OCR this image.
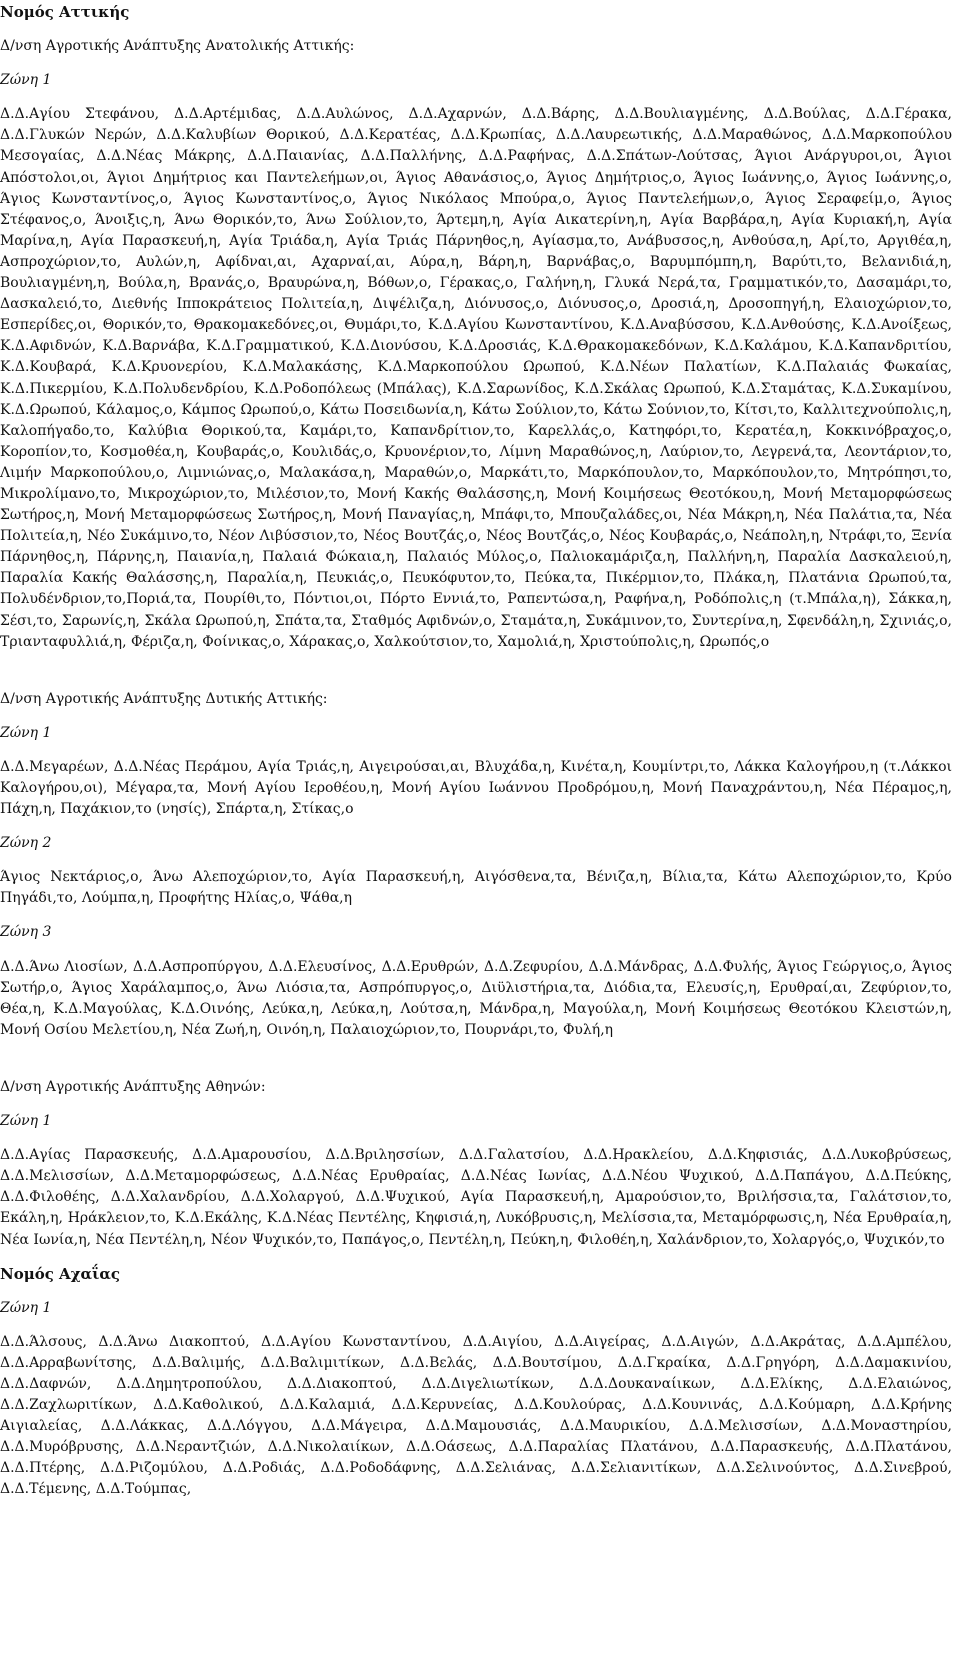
Νομός Αττικής

Δ/νση Αγροτικής Ανάπτυξης Ανατολικής Αττικής:

Ζώνη 1

Δ.Δ.Αγίου Στεφάνου, Δ.Δ.Αρτέμιδας, Δ.Δ.Αυλώνος, Δ.Δ.Αχαρνών, Δ.Δ.Βάρης, Δ.Δ.Βουλιαγμένης, Δ.Δ.Βούλας, Δ.Δ.Γέρακα, Δ.Δ.Γλυκών Νερών, Δ.Δ.Καλυβίων Θορικού, Δ.Δ.Κερατέας, Δ.Δ.Κρωπίας, Δ.Δ.Λαυρεωτικής, Δ.Δ.Μαραθώνος, Δ.Δ.Μαρκοπούλου Μεσογαίας, Δ.Δ.Νέας Μάκρης, Δ.Δ.Παιανίας, Δ.Δ.Παλλήνης, Δ.Δ.Ραφήνας, Δ.Δ.Σπάτων-Λούτσας, Άγιοι Ανάργυροι,οι, Άγιοι Απόστολοι,οι, Άγιοι Δημήτριος και Παντελεήμων,οι, Άγιος Αθανάσιος,ο, Άγιος Δημήτριος,ο, Άγιος Ιωάννης,ο, Άγιος Ιωάννης,ο, Άγιος Κωνσταντίνος,ο, Άγιος Κωνσταντίνος,ο, Άγιος Νικόλαος Μπούρα,ο, Άγιος Παντελεήμων,ο, Άγιος Σεραφείμ,ο, Άγιος Στέφανος,ο, Άνοιξις,η, Άνω Θορικόν,το, Άνω Σούλιον,το, Άρτεμη,η, Αγία Αικατερίνη,η, Αγία Βαρβάρα,η, Αγία Κυριακή,η, Αγία Μαρίνα,η, Αγία Παρασκευή,η, Αγία Τριάδα,η, Αγία Τριάς Πάρνηθος,η, Αγίασμα,το, Ανάβυσσος,η, Ανθούσα,η, Αρί,το, Αργιθέα,η, Ασπροχώριον,το, Αυλών,η, Αφίδναι,αι, Αχαρναί,αι, Αύρα,η, Βάρη,η, Βαρνάβας,ο, Βαρυμπόμπη,η, Βαρύτι,το, Βελανιδιά,η, Βουλιαγμένη,η, Βούλα,η, Βρανάς,ο, Βραυρώνα,η, Βόθων,ο, Γέρακας,ο, Γαλήνη,η, Γλυκά Νερά,τα, Γραμματικόν,το, Δασαμάρι,το, Δασκαλειό,το, Διεθνής Ιπποκράτειος Πολιτεία,η, Διψέλιζα,η, Διόνυσος,ο, Διόνυσος,ο, Δροσιά,η, Δροσοπηγή,η, Ελαιοχώριον,το, Εσπερίδες,οι, Θορικόν,το, Θρακομακεδόνες,οι, Θυμάρι,το, Κ.Δ.Αγίου Κωνσταντίνου, Κ.Δ.Αναβύσσου, Κ.Δ.Ανθούσης, Κ.Δ.Ανοίξεως, Κ.Δ.Αφιδνών, Κ.Δ.Βαρνάβα, Κ.Δ.Γραμματικού, Κ.Δ.Διονύσου, Κ.Δ.Δροσιάς, Κ.Δ.Θρακομακεδόνων, Κ.Δ.Καλάμου, Κ.Δ.Καπανδριτίου, Κ.Δ.Κουβαρά, Κ.Δ.Κρυονερίου, Κ.Δ.Μαλακάσης, Κ.Δ.Μαρκοπούλου Ωρωπού, Κ.Δ.Νέων Παλατίων, Κ.Δ.Παλαιάς Φωκαίας, Κ.Δ.Πικερμίου, Κ.Δ.Πολυδενδρίου, Κ.Δ.Ροδοπόλεως (Μπάλας), Κ.Δ.Σαρωνίδος, Κ.Δ.Σκάλας Ωρωπού, Κ.Δ.Σταμάτας, Κ.Δ.Συκαμίνου, Κ.Δ.Ωρωπού, Κάλαμος,ο, Κάμπος Ωρωπού,ο, Κάτω Ποσειδωνία,η, Κάτω Σούλιον,το, Κάτω Σούνιον,το, Κίτσι,το, Καλλιτεχνούπολις,η, Καλοπήγαδο,το, Καλύβια Θορικού,τα, Καμάρι,το, Καπανδρίτιον,το, Καρελλάς,ο, Κατηφόρι,το, Κερατέα,η, Κοκκινόβραχος,ο, Κορoπίον,το, Κοσμοθέα,η, Κουβαράς,ο, Κουλιδάς,ο, Κρυονέριον,το, Λίμνη Μαραθώνος,η, Λαύριον,το, Λεγρενά,τα, Λεοντάριον,το, Λιμήν Μαρκοπούλου,ο, Λιμνιώνας,ο, Μαλακάσα,η, Μαραθών,ο, Μαρκάτι,το, Μαρκόπουλον,το, Μαρκόπουλον,το, Μητρόπησι,το, Μικρολίμανο,το, Μικροχώριον,το, Μιλέσιον,το, Μονή Κακής Θαλάσσης,η, Μονή Κοιμήσεως Θεοτόκου,η, Μονή Μεταμορφώσεως Σωτήρος,η, Μονή Μεταμορφώσεως Σωτήρος,η, Μονή Παναγίας,η, Μπάφι,το, Μπουζαλάδες,οι, Νέα Μάκρη,η, Νέα Παλάτια,τα, Νέα Πολιτεία,η, Νέο Συκάμινο,το, Νέον Λιβύσσιον,το, Νέος Βουτζάς,ο, Νέος Βουτζάς,ο, Νέος Κουβαράς,ο, Νεάπολη,η, Ντράφι,το, Ξενία Πάρνηθος,η, Πάρνης,η, Παιανία,η, Παλαιά Φώκαια,η, Παλαιός Μύλος,ο, Παλιοκαμάριζα,η, Παλλήνη,η, Παραλία Δασκαλειού,η, Παραλία Κακής Θαλάσσης,η, Παραλία,η, Πευκιάς,ο, Πευκόφυτον,το, Πεύκα,τα, Πικέρμιον,το, Πλάκα,η, Πλατάνια Ωρωπού,τα, Πολυδένδριον,το,Ποριά,τα, Πουρίθι,το, Πόντιοι,οι, Πόρτο Εννιά,το, Ραπεντώσα,η, Ραφήνα,η, Ροδόπολις,η (τ.Μπάλα,η), Σάκκα,η, Σέσι,το, Σαρωνίς,η, Σκάλα Ωρωπού,η, Σπάτα,τα, Σταθμός Αφιδνών,ο, Σταμάτα,η, Συκάμινον,το, Συντερίνα,η, Σφενδάλη,η, Σχινιάς,ο, Τριανταφυλλιά,η, Φέριζα,η, Φοίνικας,ο, Χάρακας,ο, Χαλκούτσιον,το, Χαμολιά,η, Χριστούπολις,η, Ωρωπός,ο

Δ/νση Αγροτικής Ανάπτυξης Δυτικής Αττικής:

Ζώνη 1

Δ.Δ.Μεγαρέων, Δ.Δ.Νέας Περάμου, Αγία Τριάς,η, Αιγειρούσαι,αι, Βλυχάδα,η, Κινέτα,η, Κουμίντρι,το, Λάκκα Καλογήρου,η (τ.Λάκκοι Καλογήρου,οι), Μέγαρα,τα, Μονή Αγίου Ιεροθέου,η, Μονή Αγίου Ιωάννου Προδρόμου,η, Μονή Παναχράντου,η, Νέα Πέραμος,η, Πάχη,η, Παχάκιον,το (νησίς), Σπάρτα,η, Στίκας,ο

Ζώνη 2

Άγιος Νεκτάριος,ο, Άνω Αλεποχώριον,το, Αγία Παρασκευή,η, Αιγόσθενα,τα, Βένιζα,η, Βίλια,τα, Κάτω Αλεποχώριον,το, Κρύο Πηγάδι,το, Λούμπα,η, Προφήτης Ηλίας,ο, Ψάθα,η

Ζώνη 3

Δ.Δ.Άνω Λιοσίων, Δ.Δ.Ασπροπύργου, Δ.Δ.Ελευσίνος, Δ.Δ.Ερυθρών, Δ.Δ.Ζεφυρίου, Δ.Δ.Μάνδρας, Δ.Δ.Φυλής, Άγιος Γεώργιος,ο, Άγιος Σωτήρ,ο, Άγιος Χαράλαμπος,ο, Άνω Λιόσια,τα, Ασπρόπυργος,ο, Διϋλιστήρια,τα, Διόδια,τα, Ελευσίς,η, Ερυθραί,αι, Ζεφύριον,το, Θέα,η, Κ.Δ.Μαγούλας, Κ.Δ.Οινόης, Λεύκα,η, Λεύκα,η, Λούτσα,η, Μάνδρα,η, Μαγούλα,η, Μονή Κοιμήσεως Θεοτόκου Κλειστών,η, Μονή Οσίου Μελετίου,η, Νέα Ζωή,η, Οινόη,η, Παλαιοχώριον,το, Πουρνάρι,το, Φυλή,η

Δ/νση Αγροτικής Ανάπτυξης Αθηνών:

Ζώνη 1

Δ.Δ.Αγίας Παρασκευής, Δ.Δ.Αμαρουσίου, Δ.Δ.Βριλησσίων, Δ.Δ.Γαλατσίου, Δ.Δ.Ηρακλείου, Δ.Δ.Κηφισιάς, Δ.Δ.Λυκοβρύσεως, Δ.Δ.Μελισσίων, Δ.Δ.Μεταμορφώσεως, Δ.Δ.Νέας Ερυθραίας, Δ.Δ.Νέας Ιωνίας, Δ.Δ.Νέου Ψυχικού, Δ.Δ.Παπάγου, Δ.Δ.Πεύκης, Δ.Δ.Φιλοθέης, Δ.Δ.Χαλανδρίου, Δ.Δ.Χολαργού, Δ.Δ.Ψυχικού, Αγία Παρασκευή,η, Αμαρούσιον,το, Βριλήσσια,τα, Γαλάτσιον,το, Εκάλη,η, Ηράκλειον,το, Κ.Δ.Εκάλης, Κ.Δ.Νέας Πεντέλης, Κηφισιά,η, Λυκόβρυσις,η, Μελίσσια,τα, Μεταμόρφωσις,η, Νέα Ερυθραία,η, Νέα Ιωνία,η, Νέα Πεντέλη,η, Νέον Ψυχικόν,το, Παπάγος,ο, Πεντέλη,η, Πεύκη,η, Φιλοθέη,η, Χαλάνδριον,το, Χολαργός,ο, Ψυχικόν,το

Νομός Αχαΐας

Ζώνη 1

Δ.Δ.Άλσους, Δ.Δ.Άνω Διακοπτού, Δ.Δ.Αγίου Κωνσταντίνου, Δ.Δ.Αιγίου, Δ.Δ.Αιγείρας, Δ.Δ.Αιγών, Δ.Δ.Ακράτας, Δ.Δ.Αμπέλου, Δ.Δ.Αρραβωνίτσης, Δ.Δ.Βαλιμής, Δ.Δ.Βαλιμιτίκων, Δ.Δ.Βελάς, Δ.Δ.Βουτσίμου, Δ.Δ.Γκραίκα, Δ.Δ.Γρηγόρη, Δ.Δ.Δαμακινίου, Δ.Δ.Δαφνών, Δ.Δ.Δημητροπούλου, Δ.Δ.Διακοπτού, Δ.Δ.Διγελιωτίκων, Δ.Δ.Δουκαναίικων, Δ.Δ.Ελίκης, Δ.Δ.Ελαιώνος, Δ.Δ.Ζαχλωριτίκων, Δ.Δ.Καθολικού, Δ.Δ.Καλαμιά, Δ.Δ.Κερυνείας, Δ.Δ.Κουλούρας, Δ.Δ.Κουνινάς, Δ.Δ.Κούμαρη, Δ.Δ.Κρήνης Αιγιαλείας, Δ.Δ.Λάκκας, Δ.Δ.Λόγγου, Δ.Δ.Μάγειρα, Δ.Δ.Μαμουσιάς, Δ.Δ.Μαυρικίου, Δ.Δ.Μελισσίων, Δ.Δ.Μοναστηρίου, Δ.Δ.Μυρόβρυσης, Δ.Δ.Νεραντζιών, Δ.Δ.Νικολαιίκων, Δ.Δ.Οάσεως, Δ.Δ.Παραλίας Πλατάνου, Δ.Δ.Παρασκευής, Δ.Δ.Πλατάνου, Δ.Δ.Πτέρης, Δ.Δ.Ριζομύλου, Δ.Δ.Ροδιάς, Δ.Δ.Ροδοδάφνης, Δ.Δ.Σελιάνας, Δ.Δ.Σελιανιτίκων, Δ.Δ.Σελινούντος, Δ.Δ.Σινεβρού, Δ.Δ.Τέμενης, Δ.Δ.Τούμπας,
